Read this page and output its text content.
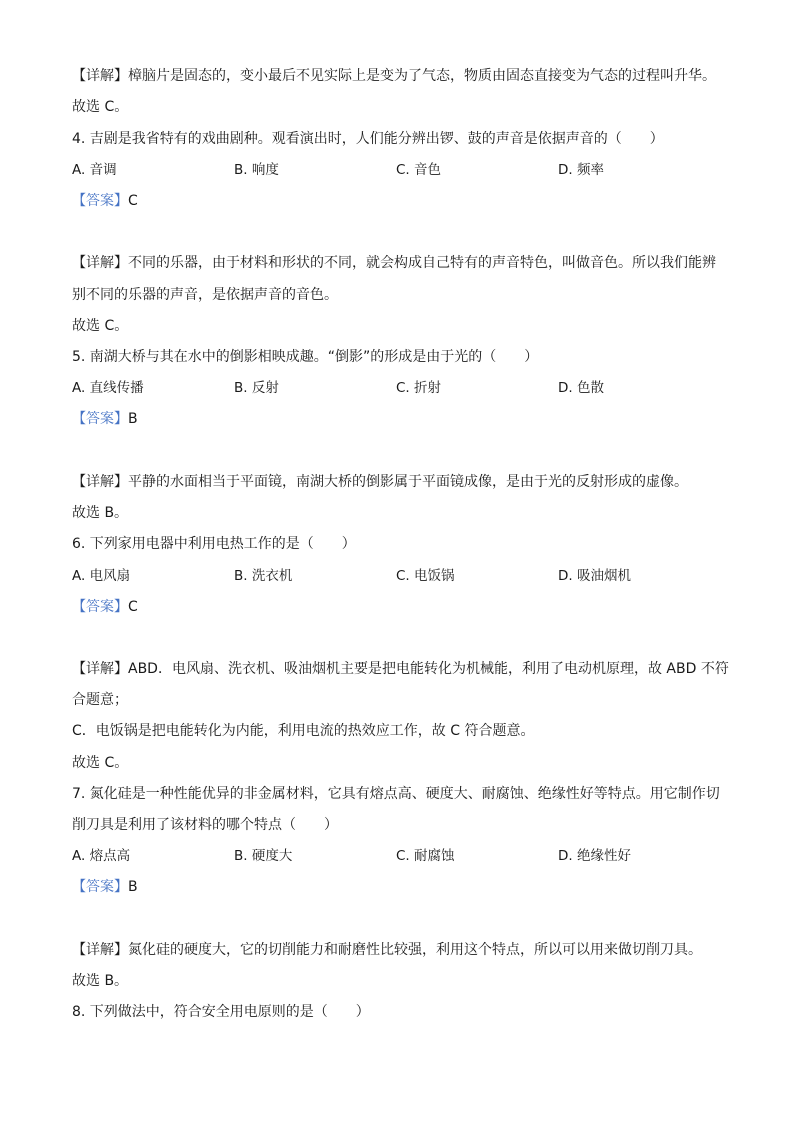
【详解】樟脑片是固态的，变小最后不见实际上是变为了气态，物质由固态直接变为气态的过程叫升华。
故选 C。
4. 吉剧是我省特有的戏曲剧种。观看演出时，人们能分辨出锣、鼓的声音是依据声音的（　　）
A. 音调	B. 响度	C. 音色	D. 频率
【答案】C
【详解】不同的乐器，由于材料和形状的不同，就会构成自己特有的声音特色，叫做音色。所以我们能辨
别不同的乐器的声音，是依据声音的音色。
故选 C。
5. 南湖大桥与其在水中的倒影相映成趣。“倒影”的形成是由于光的（　　）
A. 直线传播	B. 反射	C. 折射	D. 色散
【答案】B
【详解】平静的水面相当于平面镜，南湖大桥的倒影属于平面镜成像，是由于光的反射形成的虚像。
故选 B。
6. 下列家用电器中利用电热工作的是（　　）
A. 电风扇	B. 洗衣机	C. 电饭锅	D. 吸油烟机
【答案】C
【详解】ABD．电风扇、洗衣机、吸油烟机主要是把电能转化为机械能，利用了电动机原理，故 ABD 不符
合题意；
C．电饭锅是把电能转化为内能，利用电流的热效应工作，故 C 符合题意。
故选 C。
7. 氮化硅是一种性能优异的非金属材料，它具有熔点高、硬度大、耐腐蚀、绝缘性好等特点。用它制作切
削刀具是利用了该材料的哪个特点（　　）
A. 熔点高	B. 硬度大	C. 耐腐蚀	D. 绝缘性好
【答案】B
【详解】氮化硅的硬度大，它的切削能力和耐磨性比较强，利用这个特点，所以可以用来做切削刀具。
故选 B。
8. 下列做法中，符合安全用电原则的是（　　）
